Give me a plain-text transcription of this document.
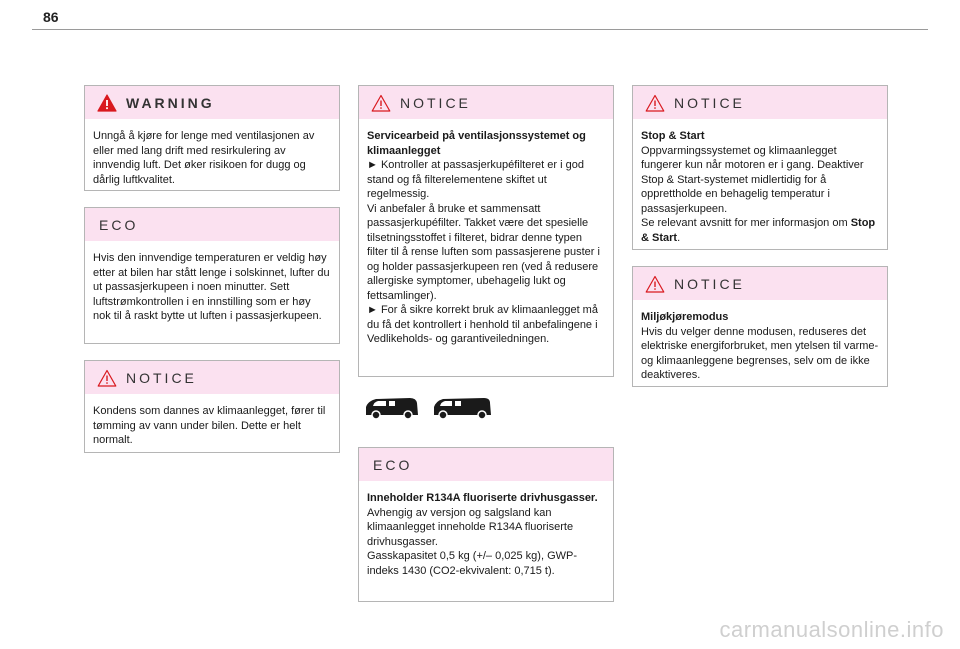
86
WARNING

Unngå å kjøre for lenge med ventilasjonen av eller med lang drift med resirkulering av innvendig luft. Det øker risikoen for dugg og dårlig luftkvalitet.

ECO

Hvis den innvendige temperaturen er veldig høy etter at bilen har stått lenge i solskinnet, lufter du ut passasjerkupeen i noen minutter. Sett luftstrømkontrollen i en innstilling som er høy nok til å raskt bytte ut luften i passasjerkupeen.

NOTICE

Kondens som dannes av klimaanlegget, fører til tømming av vann under bilen. Dette er helt normalt.

NOTICE

Servicearbeid på ventilasjonssystemet og klimaanlegget

► Kontroller at passasjerkupéfilteret er i god stand og få filterelementene skiftet ut regelmessig.

Vi anbefaler å bruke et sammensatt passasjerkupéfilter. Takket være det spesielle tilsetningsstoffet i filteret, bidrar denne typen filter til å rense luften som passasjerene puster i og holder passasjerkupeen ren (ved å redusere allergiske symptomer, ubehagelig lukt og fettsamlinger).

► For å sikre korrekt bruk av klimaanlegget må du få det kontrollert i henhold til anbefalingene i Vedlikeholds- og garantiveiledningen.

ECO

Inneholder R134A fluoriserte drivhusgasser.

Avhengig av versjon og salgsland kan klimaanlegget inneholde R134A fluoriserte drivhusgasser.

Gasskapasitet 0,5 kg (+/– 0,025 kg), GWP-indeks 1430 (CO2-ekvivalent: 0,715 t).

NOTICE

Stop & Start

Oppvarmingssystemet og klimaanlegget fungerer kun når motoren er i gang. Deaktiver Stop & Start-systemet midlertidig for å opprettholde en behagelig temperatur i passasjerkupeen.

Se relevant avsnitt for mer informasjon om Stop & Start.

NOTICE

Miljøkjøremodus

Hvis du velger denne modusen, reduseres det elektriske energiforbruket, men ytelsen til varme- og klimaanleggene begrenses, selv om de ikke deaktiveres.

carmanualsonline.info
